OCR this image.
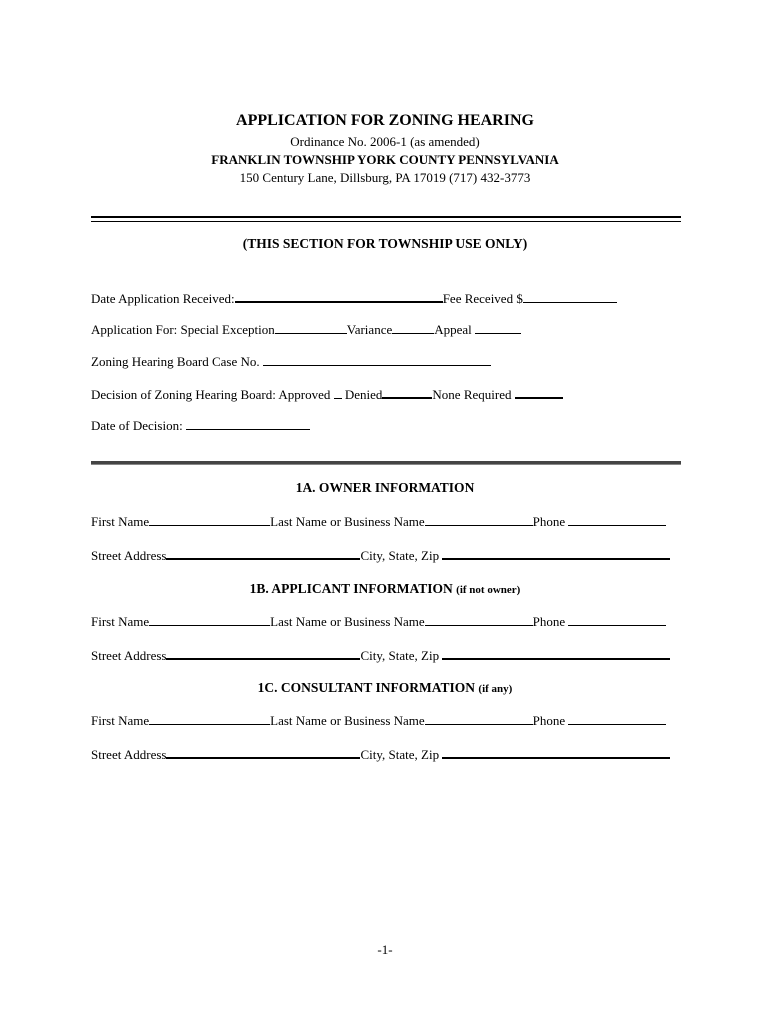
APPLICATION FOR ZONING HEARING
Ordinance No. 2006-1 (as amended)
FRANKLIN TOWNSHIP YORK COUNTY PENNSYLVANIA
150 Century Lane, Dillsburg, PA 17019 (717) 432-3773
(THIS SECTION FOR TOWNSHIP USE ONLY)
Date Application Received:	Fee Received $
Application For: Special Exception	Variance	Appeal
Zoning Hearing Board Case No.
Decision of Zoning Hearing Board: Approved  Denied	None Required
Date of Decision:
1A. OWNER INFORMATION
First Name	Last Name or Business Name	Phone
Street Address	City, State, Zip
1B. APPLICANT INFORMATION (if not owner)
First Name	Last Name or Business Name	Phone
Street Address	City, State, Zip
1C. CONSULTANT INFORMATION (if any)
First Name	Last Name or Business Name	Phone
Street Address	City, State, Zip
-1-
